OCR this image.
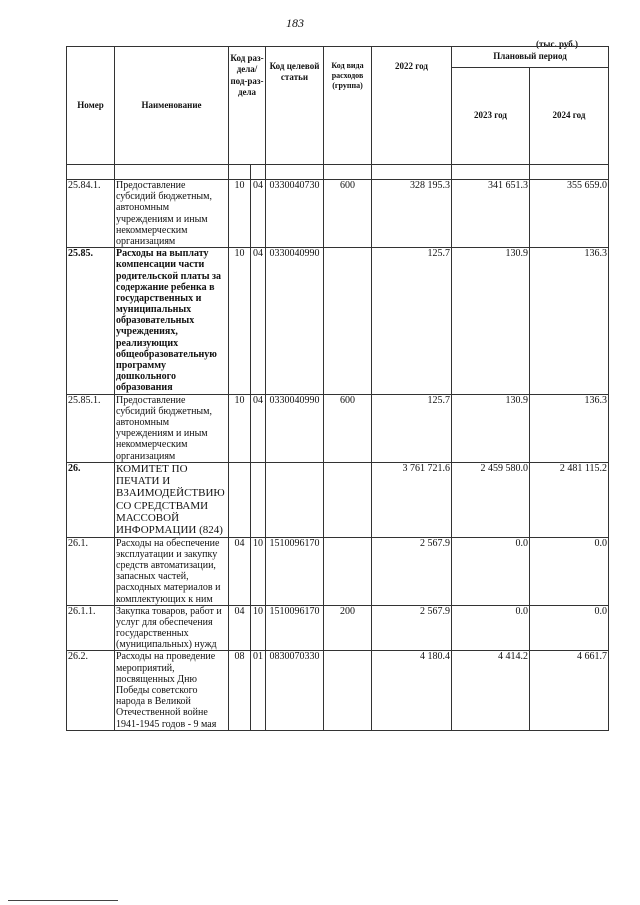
183
(тыс. руб.)
Номер	Наименование	Код раз-дела/ под-раз-дела		Код целевой статьи	Код вида расходов (группа)	2022 год	Плановый период	
							2023 год	2024 год

25.84.1.	Предоставление субсидий бюджетным, автономным учреждениям и иным некоммерческим организациям	10	04	0330040730	600	328 195.3	341 651.3	355 659.0
25.85.	Расходы на выплату компенсации части родительской платы за содержание ребенка в государственных и муниципальных образовательных учреждениях, реализующих общеобразовательную программу дошкольного образования	10	04	0330040990		125.7	130.9	136.3
25.85.1.	Предоставление субсидий бюджетным, автономным учреждениям и иным некоммерческим организациям	10	04	0330040990	600	125.7	130.9	136.3
26.	КОМИТЕТ ПО ПЕЧАТИ И ВЗАИМОДЕЙСТВИЮ СО СРЕДСТВАМИ МАССОВОЙ ИНФОРМАЦИИ (824)					3 761 721.6	2 459 580.0	2 481 115.2
26.1.	Расходы на обеспечение эксплуатации и закупку средств автоматизации, запасных частей, расходных материалов и комплектующих к ним	04	10	1510096170		2 567.9	0.0	0.0
26.1.1.	Закупка товаров, работ и услуг для обеспечения государственных (муниципальных) нужд	04	10	1510096170	200	2 567.9	0.0	0.0
26.2.	Расходы на проведение мероприятий, посвященных Дню Победы советского народа в Великой Отечественной войне 1941-1945 годов - 9 мая	08	01	0830070330		4 180.4	4 414.2	4 661.7
